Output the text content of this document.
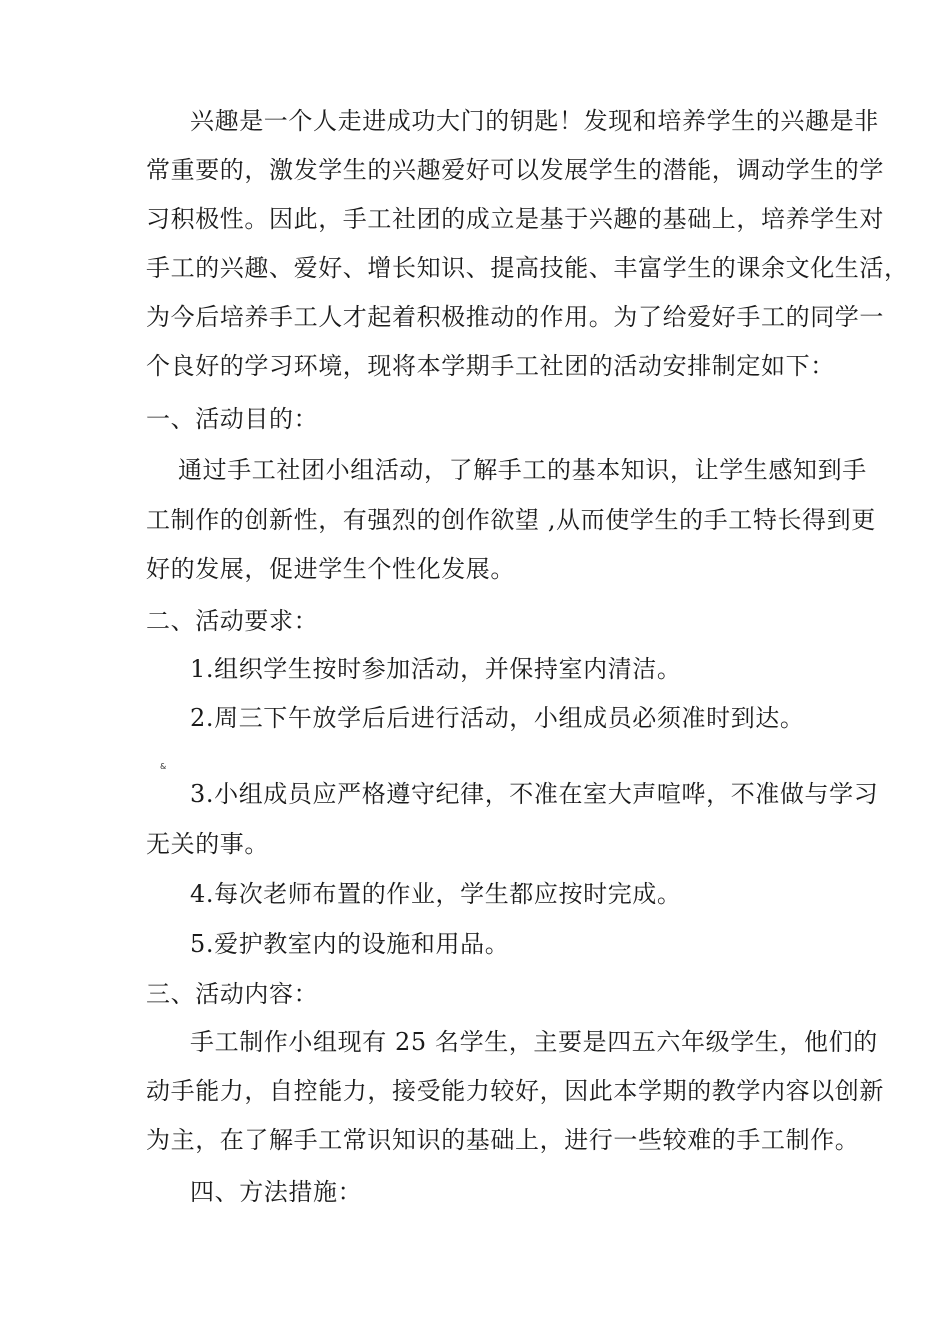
兴趣是一个人走进成功大门的钥匙！发现和培养学生的兴趣是非
常重要的，激发学生的兴趣爱好可以发展学生的潜能，调动学生的学
习积极性。因此，手工社团的成立是基于兴趣的基础上，培养学生对
手工的兴趣、爱好、增长知识、提高技能、丰富学生的课余文化生活，
为今后培养手工人才起着积极推动的作用。为了给爱好手工的同学一
个良好的学习环境，现将本学期手工社团的活动安排制定如下：
一、活动目的：
通过手工社团小组活动，了解手工的基本知识，让学生感知到手
工制作的创新性，有强烈的创作欲望 ,从而使学生的手工特长得到更
好的发展，促进学生个性化发展。
二、活动要求：
1.组织学生按时参加活动，并保持室内清洁。
2.周三下午放学后后进行活动，小组成员必须准时到达。
&
3.小组成员应严格遵守纪律，不准在室大声喧哗，不准做与学习
无关的事。
4.每次老师布置的作业，学生都应按时完成。
5.爱护教室内的设施和用品。
三、活动内容：
手工制作小组现有 25 名学生，主要是四五六年级学生，他们的
动手能力，自控能力，接受能力较好，因此本学期的教学内容以创新
为主，在了解手工常识知识的基础上，进行一些较难的手工制作。
四、方法措施：
